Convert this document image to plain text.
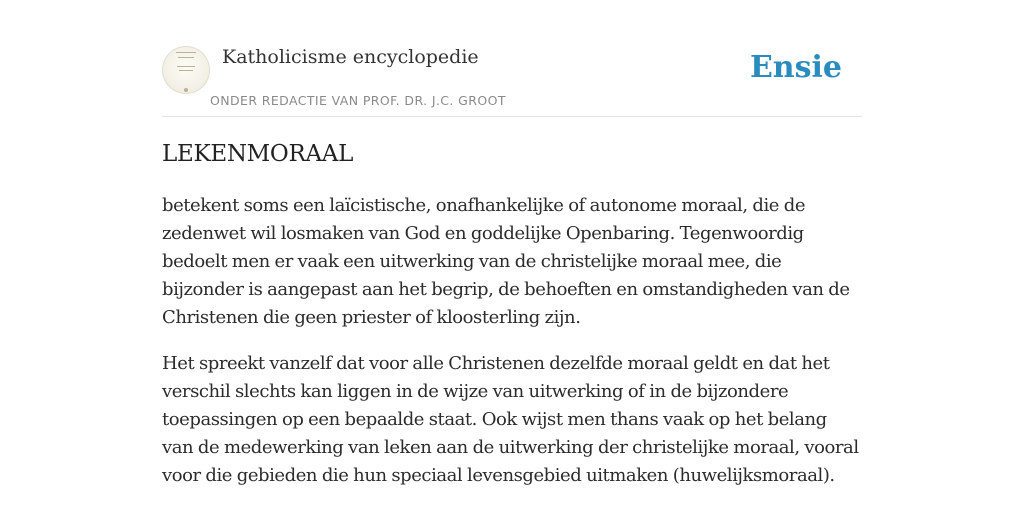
Katholicisme encyclopedie
ONDER REDACTIE VAN PROF. DR. J.C. GROOT
Ensie
LEKENMORAAL

betekent soms een laïcistische, onafhankelijke of autonome moraal, die de zedenwet wil losmaken van God en goddelijke Openbaring. Tegenwoordig bedoelt men er vaak een uitwerking van de christelijke moraal mee, die bijzonder is aangepast aan het begrip, de behoeften en omstandigheden van de Christenen die geen priester of kloosterling zijn.

Het spreekt vanzelf dat voor alle Christenen dezelfde moraal geldt en dat het verschil slechts kan liggen in de wijze van uitwerking of in de bijzondere toepassingen op een bepaalde staat. Ook wijst men thans vaak op het belang van de medewerking van leken aan de uitwerking der christelijke moraal, vooral voor die gebieden die hun speciaal levensgebied uitmaken (huwelijksmoraal).
